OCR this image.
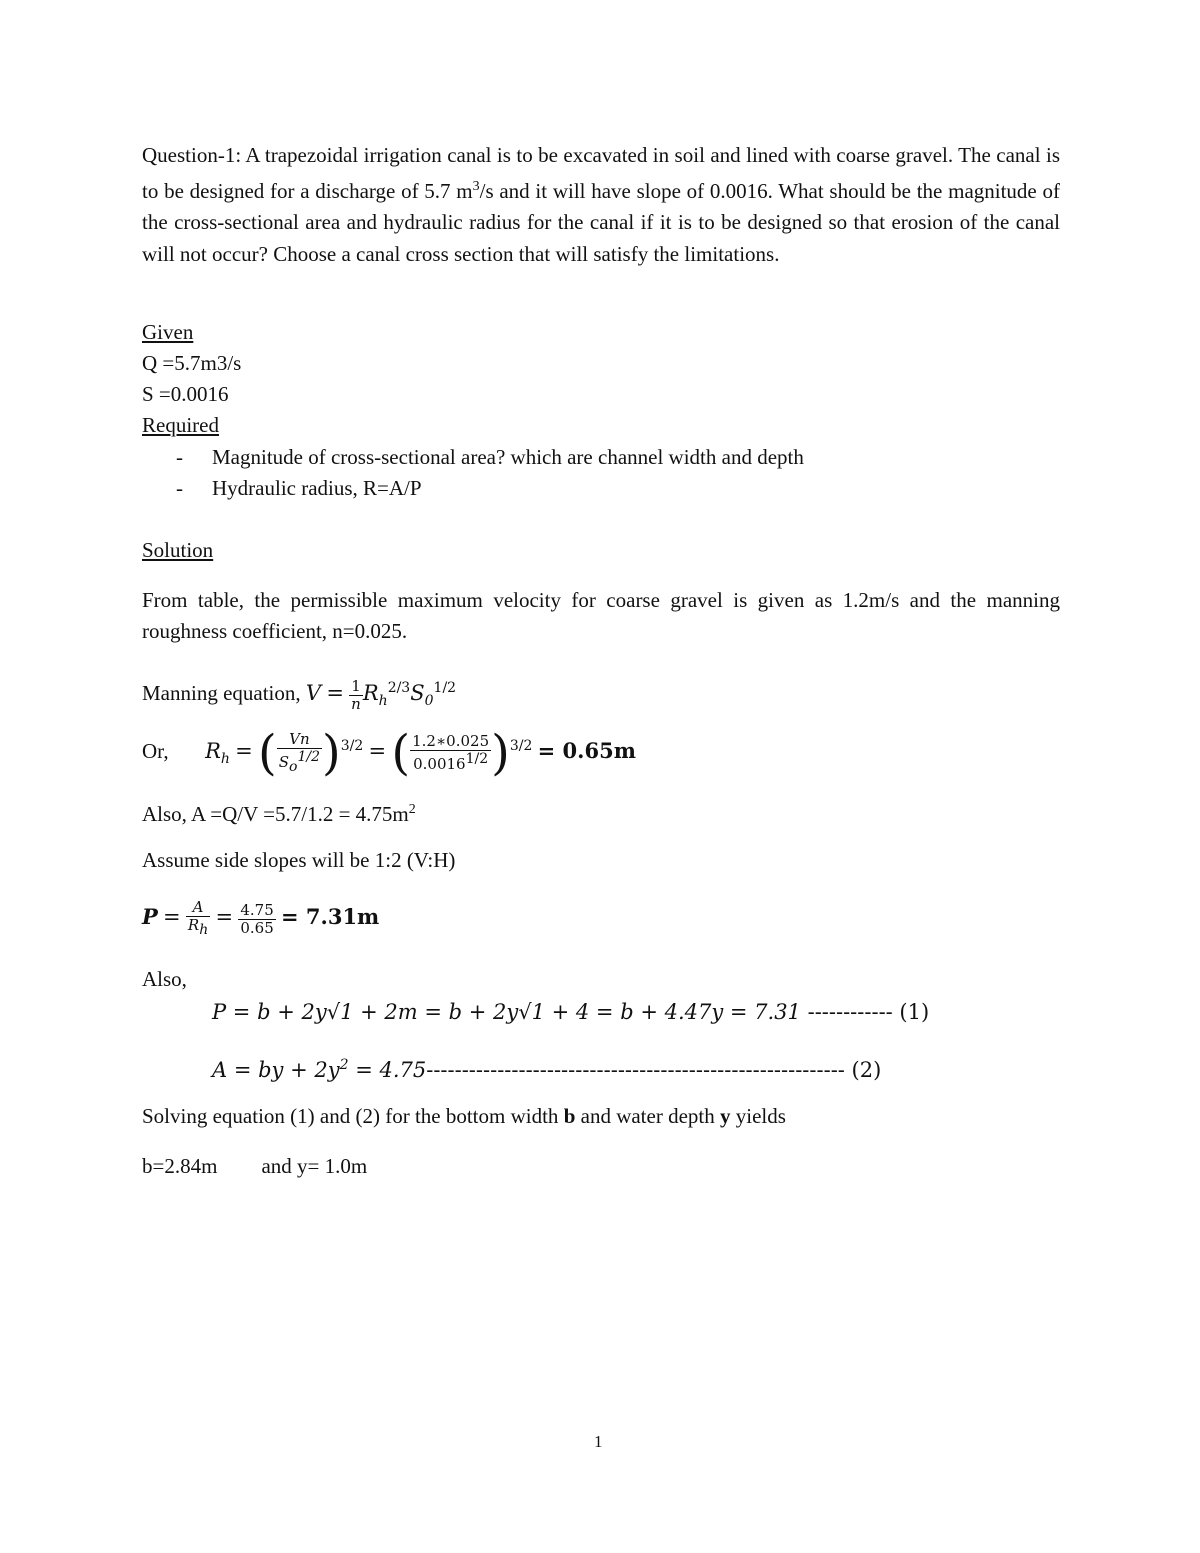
Question-1: A trapezoidal irrigation canal is to be excavated in soil and lined with coarse gravel. The canal is to be designed for a discharge of 5.7 $m^3/s$ and it will have slope of 0.0016. What should be the magnitude of the cross-sectional area and hydraulic radius for the canal if it is to be designed so that erosion of the canal will not occur? Choose a canal cross section that will satisfy the limitations.
Given
Q =5.7m3/s
S =0.0016
Required
- Magnitude of cross-sectional area? which are channel width and depth
- Hydraulic radius, R=A/P
Solution
From table, the permissible maximum velocity for coarse gravel is given as 1.2m/s and the manning roughness coefficient, n=0.025.
Manning equation, $V = \frac{1}{n} R_h^{2/3}S_0^{1/2}$
Or, $R_h$ = ( $\frac{Vn}{S_o^{1/2}} )^{3/2}$ = ( $\frac{1.2∗0.025}{0.0016^{1/2}} )^{3/2} = 0.65m$
Also, $A =Q/V =5.7/1.2 = 4.75m^2$
Assume side slopes will be 1:2 (V:H)
$P = \frac{A}{R_h} = \frac{4.75}{0.65} = 7.31m$
Also,
P = b + 2y√1 + 2m = b + 2y√1 + 4 = b + 4.47y = 7.31 ------------ (1)
A = by + $2y^2 = 4.75-----------------------------------------------------------$ (2)
Solving equation (1) and (2) for the bottom width b and water depth y yields
b=2.84m and y= 1.0m
1
